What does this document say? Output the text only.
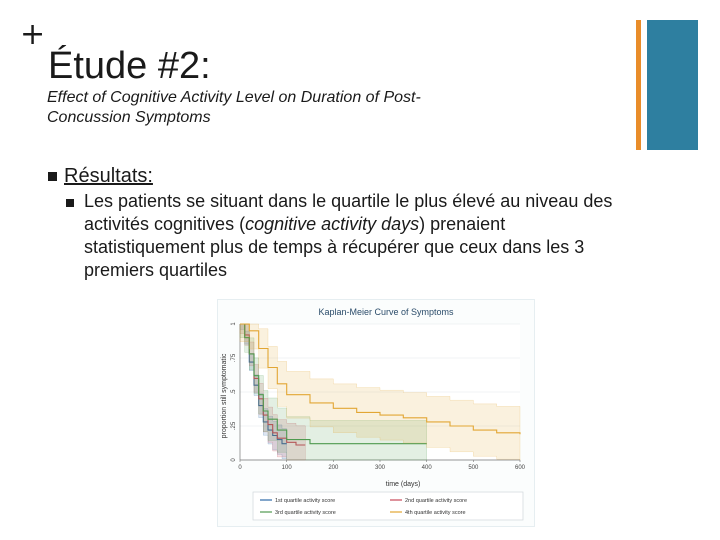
+
Étude #2:
Effect of Cognitive Activity Level on Duration of Post-Concussion Symptoms
Résultats:
Les patients se situant dans le quartile le plus élevé au niveau des activités cognitives (cognitive activity days) prenaient statistiquement plus de temps à récupérer que ceux dans les 3 premiers quartiles
Kaplan-Meier Curve of Symptoms
proportion still symptomatic
time (days)
0
.25
.5
.75
1
0	100	200	300	400	500	600
1st quartile activity score	2nd quartile activity score
3rd quartile activity score	4th quartile activity score
